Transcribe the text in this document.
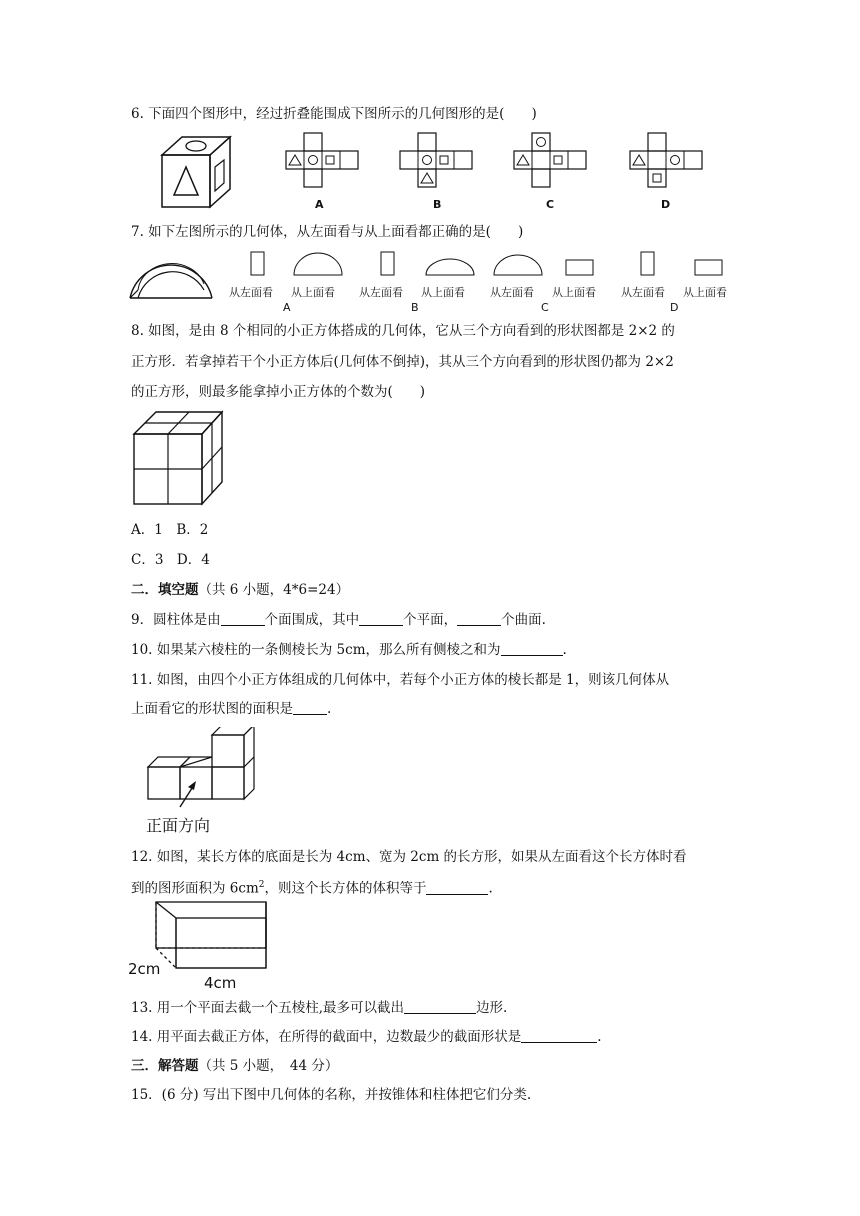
6. 下面四个图形中，经过折叠能围成下图所示的几何图形的是(　　)
A	B	C	D
7. 如下左图所示的几何体，从左面看与从上面看都正确的是(　　)
从左面看 从上面看
A
从左面看 从上面看
B
从左面看 从上面看
C
从左面看 从上面看
D
8. 如图，是由 8 个相同的小正方体搭成的几何体，它从三个方向看到的形状图都是 2×2 的
正方形．若拿掉若干个小正方体后(几何体不倒掉)，其从三个方向看到的形状图仍都为 2×2
的正方形，则最多能拿掉小正方体的个数为(　　)
A．1　B．2
C．3　D．4
二．填空题（共 6 小题，4*6=24）
9．圆柱体是由	个面围成，其中	个平面，	个曲面.
10. 如果某六棱柱的一条侧棱长为 5cm，那么所有侧棱之和为	.
11. 如图，由四个小正方体组成的几何体中，若每个小正方体的棱长都是 1，则该几何体从
上面看它的形状图的面积是	.
正面方向
12. 如图，某长方体的底面是长为 4cm、宽为 2cm 的长方形，如果从左面看这个长方体时看
到的图形面积为 $6cm^2$，则这个长方体的体积等于	.
2cm
4cm
13. 用一个平面去截一个五棱柱,最多可以截出	边形.
14. 用平面去截正方体，在所得的截面中，边数最少的截面形状是	.
三．解答题（共 5 小题，　44 分）
15．(6 分) 写出下图中几何体的名称，并按锥体和柱体把它们分类.
